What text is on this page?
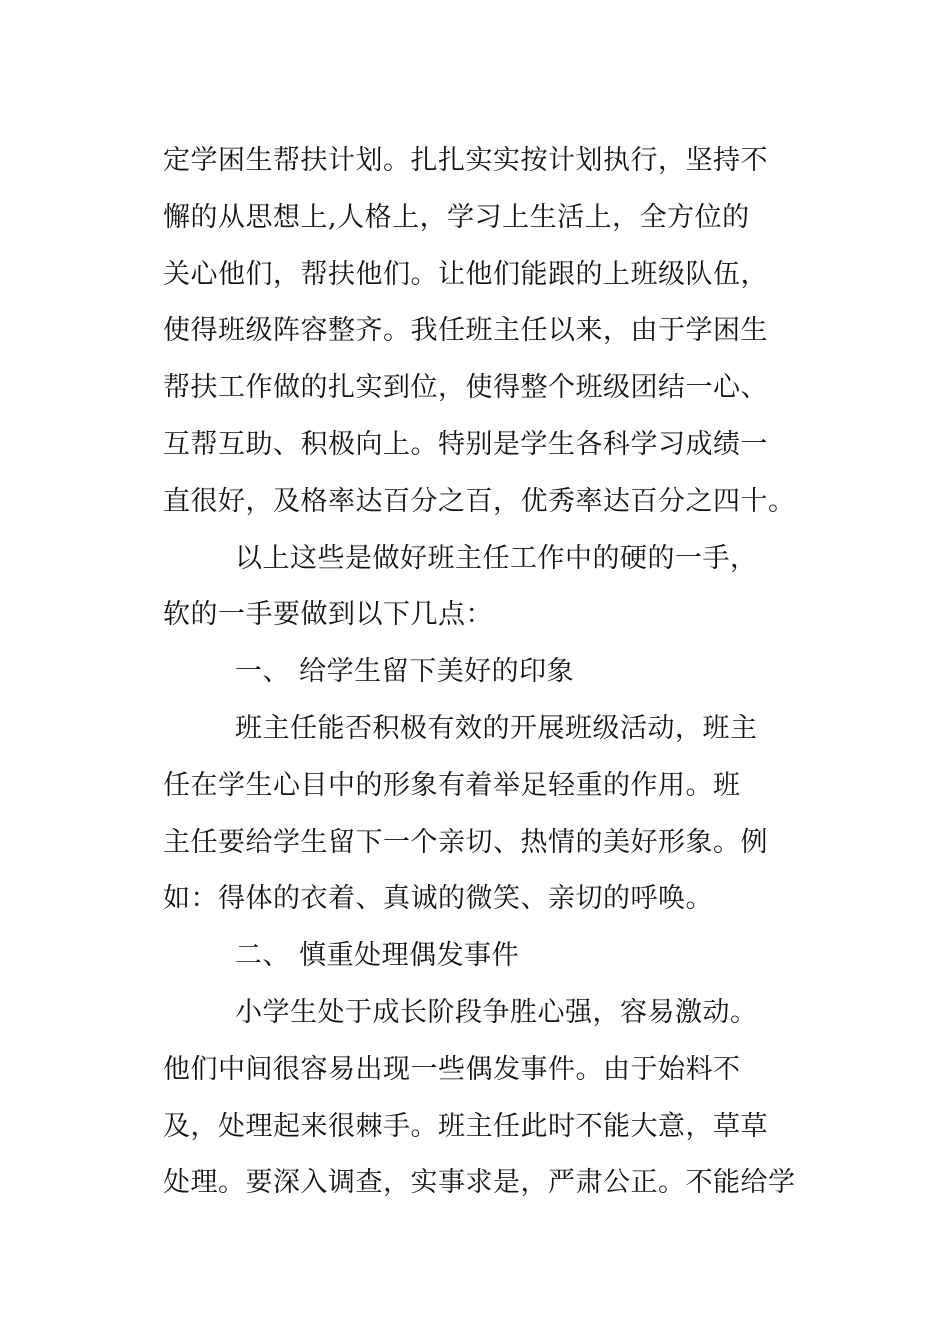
定学困生帮扶计划。扎扎实实按计划执行，坚持不
懈的从思想上,人格上，学习上生活上，全方位的
关心他们，帮扶他们。让他们能跟的上班级队伍，
使得班级阵容整齐。我任班主任以来，由于学困生
帮扶工作做的扎实到位，使得整个班级团结一心、
互帮互助、积极向上。特别是学生各科学习成绩一
直很好，及格率达百分之百，优秀率达百分之四十。
以上这些是做好班主任工作中的硬的一手，
软的一手要做到以下几点：
一、 给学生留下美好的印象
班主任能否积极有效的开展班级活动，班主
任在学生心目中的形象有着举足轻重的作用。班
主任要给学生留下一个亲切、热情的美好形象。例
如：得体的衣着、真诚的微笑、亲切的呼唤。
二、 慎重处理偶发事件
小学生处于成长阶段争胜心强，容易激动。
他们中间很容易出现一些偶发事件。由于始料不
及，处理起来很棘手。班主任此时不能大意，草草
处理。要深入调查，实事求是，严肃公正。不能给学
